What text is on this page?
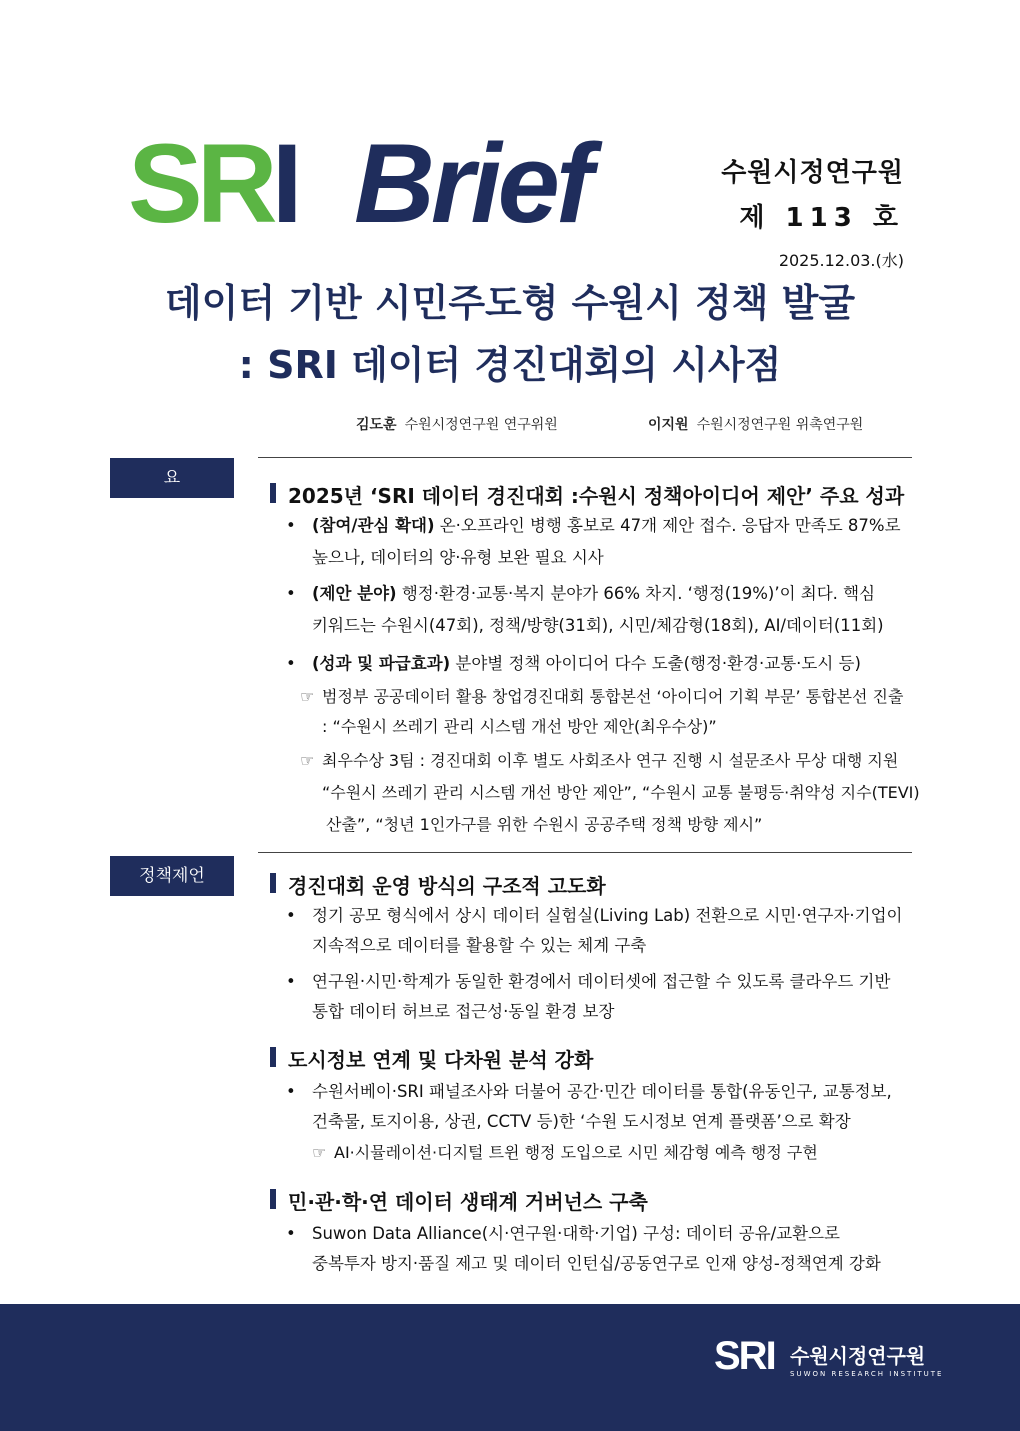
SRI Brief	수원시정연구원
제 113 호
2025.12.03.(水)
데이터 기반 시민주도형 수원시 정책 발굴
: SRI 데이터 경진대회의 시사점
김도훈 수원시정연구원 연구위원	이지원 수원시정연구원 위촉연구원
요 약
2025년 ‘SRI 데이터 경진대회 :수원시 정책아이디어 제안’ 주요 성과
• (참여/관심 확대) 온·오프라인 병행 홍보로 47개 제안 접수. 응답자 만족도 87%로
높으나, 데이터의 양·유형 보완 필요 시사
• (제안 분야) 행정·환경·교통·복지 분야가 66% 차지. ‘행정(19%)’이 최다. 핵심
키워드는 수원시(47회), 정책/방향(31회), 시민/체감형(18회), AI/데이터(11회)
• (성과 및 파급효과) 분야별 정책 아이디어 다수 도출(행정·환경·교통·도시 등)
☞ 범정부 공공데이터 활용 창업경진대회 통합본선 ‘아이디어 기획 부문’ 통합본선 진출
: “수원시 쓰레기 관리 시스템 개선 방안 제안(최우수상)”
☞ 최우수상 3팀 : 경진대회 이후 별도 사회조사 연구 진행 시 설문조사 무상 대행 지원
“수원시 쓰레기 관리 시스템 개선 방안 제안”, “수원시 교통 불평등·취약성 지수(TEVI)
산출”, “청년 1인가구를 위한 수원시 공공주택 정책 방향 제시”
정책제언	경진대회 운영 방식의 구조적 고도화
• 정기 공모 형식에서 상시 데이터 실험실(Living Lab) 전환으로 시민·연구자·기업이
지속적으로 데이터를 활용할 수 있는 체계 구축
• 연구원·시민·학계가 동일한 환경에서 데이터셋에 접근할 수 있도록 클라우드 기반
통합 데이터 허브로 접근성·동일 환경 보장
도시정보 연계 및 다차원 분석 강화
• 수원서베이·SRI 패널조사와 더불어 공간·민간 데이터를 통합(유동인구, 교통정보,
건축물, 토지이용, 상권, CCTV 등)한 ‘수원 도시정보 연계 플랫폼’으로 확장
☞ AI·시뮬레이션·디지털 트윈 행정 도입으로 시민 체감형 예측 행정 구현
민·관·학·연 데이터 생태계 거버넌스 구축
• Suwon Data Alliance(시·연구원·대학·기업) 구성: 데이터 공유/교환으로
중복투자 방지·품질 제고 및 데이터 인턴십/공동연구로 인재 양성-정책연계 강화
SRI 수원시정연구원
SUWON RESEARCH INSTITUTE
